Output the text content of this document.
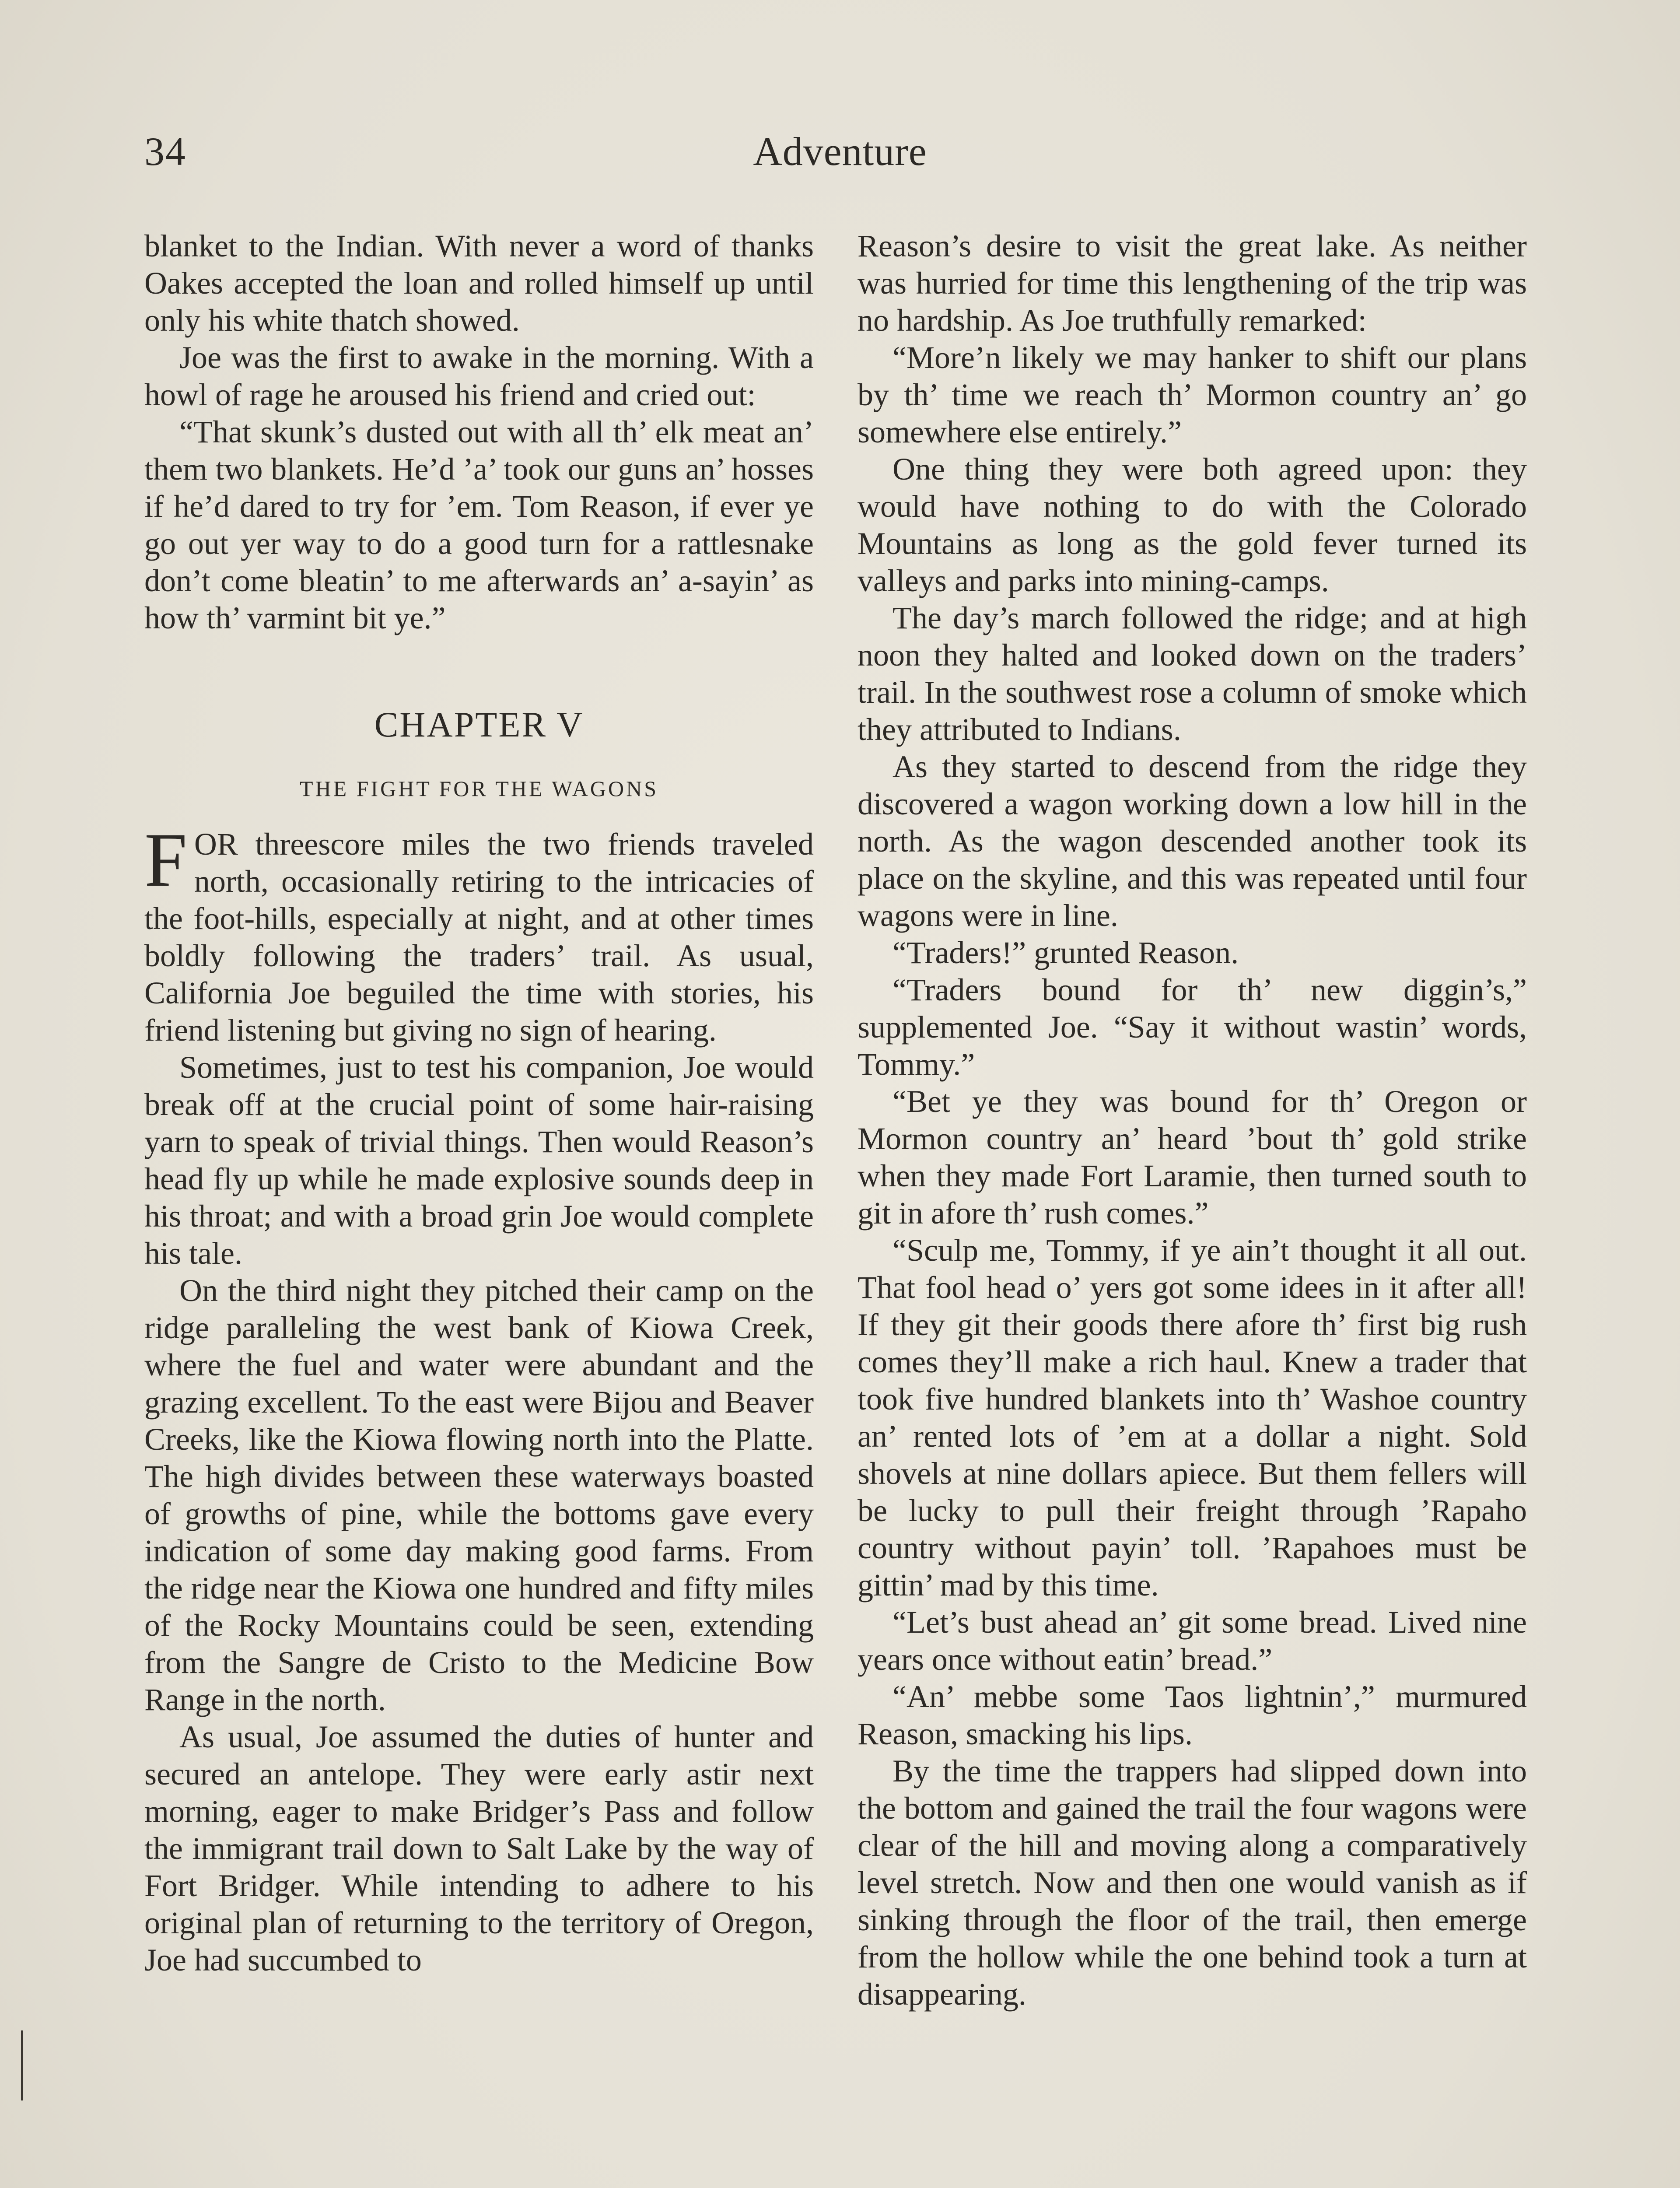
34	Adventure

blanket to the Indian. With never a word of thanks Oakes accepted the loan and rolled himself up until only his white thatch showed.

Joe was the first to awake in the morning. With a howl of rage he aroused his friend and cried out:

“That skunk’s dusted out with all th’ elk meat an’ them two blankets. He’d ’a’ took our guns an’ hosses if he’d dared to try for ’em. Tom Reason, if ever ye go out yer way to do a good turn for a rattlesnake don’t come bleatin’ to me afterwards an’ a-sayin’ as how th’ varmint bit ye.”

CHAPTER V
THE FIGHT FOR THE WAGONS

FOR threescore miles the two friends traveled north, occasionally retiring to the intricacies of the foot-hills, especially at night, and at other times boldly following the traders’ trail. As usual, California Joe beguiled the time with stories, his friend listening but giving no sign of hearing.

Sometimes, just to test his companion, Joe would break off at the crucial point of some hair-raising yarn to speak of trivial things. Then would Reason’s head fly up while he made explosive sounds deep in his throat; and with a broad grin Joe would complete his tale.

On the third night they pitched their camp on the ridge paralleling the west bank of Kiowa Creek, where the fuel and water were abundant and the grazing excellent. To the east were Bijou and Beaver Creeks, like the Kiowa flowing north into the Platte. The high divides between these waterways boasted of growths of pine, while the bottoms gave every indication of some day making good farms. From the ridge near the Kiowa one hundred and fifty miles of the Rocky Mountains could be seen, extending from the Sangre de Cristo to the Medicine Bow Range in the north.

As usual, Joe assumed the duties of hunter and secured an antelope. They were early astir next morning, eager to make Bridger’s Pass and follow the immigrant trail down to Salt Lake by the way of Fort Bridger. While intending to adhere to his original plan of returning to the territory of Oregon, Joe had succumbed to

Reason’s desire to visit the great lake. As neither was hurried for time this lengthening of the trip was no hardship. As Joe truthfully remarked:

“More’n likely we may hanker to shift our plans by th’ time we reach th’ Mormon country an’ go somewhere else entirely.”

One thing they were both agreed upon: they would have nothing to do with the Colorado Mountains as long as the gold fever turned its valleys and parks into mining-camps.

The day’s march followed the ridge; and at high noon they halted and looked down on the traders’ trail. In the southwest rose a column of smoke which they attributed to Indians.

As they started to descend from the ridge they discovered a wagon working down a low hill in the north. As the wagon descended another took its place on the skyline, and this was repeated until four wagons were in line.

“Traders!” grunted Reason.

“Traders bound for th’ new diggin’s,” supplemented Joe. “Say it without wastin’ words, Tommy.”

“Bet ye they was bound for th’ Oregon or Mormon country an’ heard ’bout th’ gold strike when they made Fort Laramie, then turned south to git in afore th’ rush comes.”

“Sculp me, Tommy, if ye ain’t thought it all out. That fool head o’ yers got some idees in it after all! If they git their goods there afore th’ first big rush comes they’ll make a rich haul. Knew a trader that took five hundred blankets into th’ Washoe country an’ rented lots of ’em at a dollar a night. Sold shovels at nine dollars apiece. But them fellers will be lucky to pull their freight through ’Rapaho country without payin’ toll. ’Rapahoes must be gittin’ mad by this time.

“Let’s bust ahead an’ git some bread. Lived nine years once without eatin’ bread.”

“An’ mebbe some Taos lightnin’,” murmured Reason, smacking his lips.

By the time the trappers had slipped down into the bottom and gained the trail the four wagons were clear of the hill and moving along a comparatively level stretch. Now and then one would vanish as if sinking through the floor of the trail, then emerge from the hollow while the one behind took a turn at disappearing.
